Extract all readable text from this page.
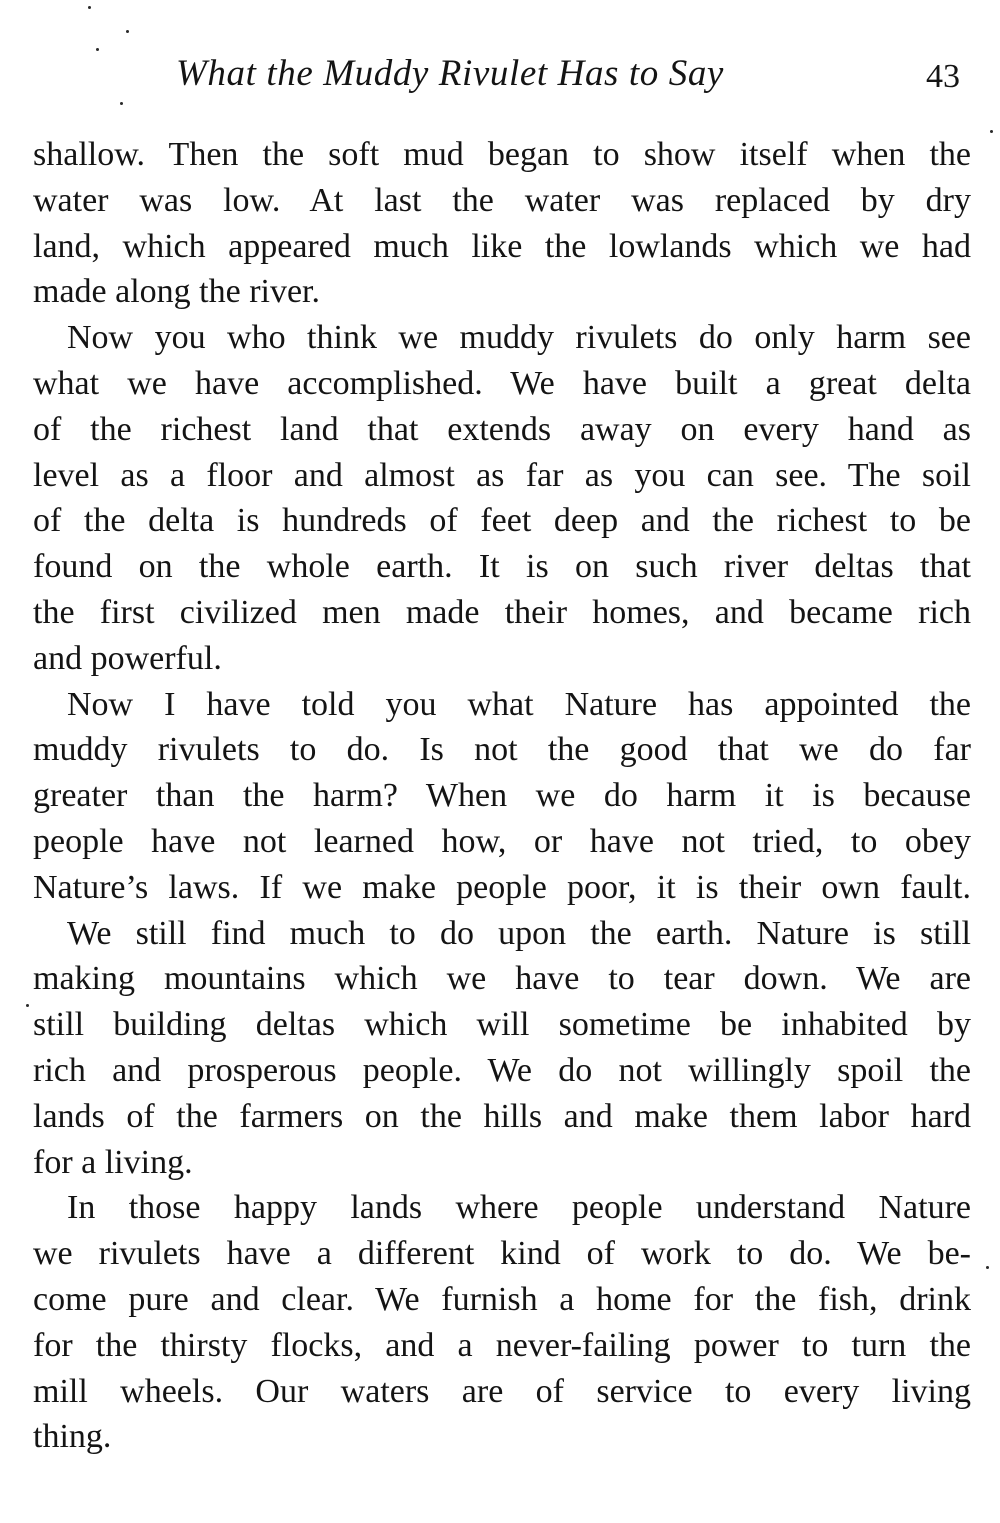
What the Muddy Rivulet Has to Say	43

shallow. Then the soft mud began to show itself when the
water was low. At last the water was replaced by dry
land, which appeared much like the lowlands which we had
made along the river.

Now you who think we muddy rivulets do only harm see
what we have accomplished. We have built a great delta
of the richest land that extends away on every hand as
level as a floor and almost as far as you can see. The soil
of the delta is hundreds of feet deep and the richest to be
found on the whole earth. It is on such river deltas that
the first civilized men made their homes, and became rich
and powerful.

Now I have told you what Nature has appointed the
muddy rivulets to do. Is not the good that we do far
greater than the harm? When we do harm it is because
people have not learned how, or have not tried, to obey
Nature’s laws. If we make people poor, it is their own fault.

We still find much to do upon the earth. Nature is still
making mountains which we have to tear down. We are
still building deltas which will sometime be inhabited by
rich and prosperous people. We do not willingly spoil the
lands of the farmers on the hills and make them labor hard
for a living.

In those happy lands where people understand Nature
we rivulets have a different kind of work to do. We be-
come pure and clear. We furnish a home for the fish, drink
for the thirsty flocks, and a never-failing power to turn the
mill wheels. Our waters are of service to every living
thing.
